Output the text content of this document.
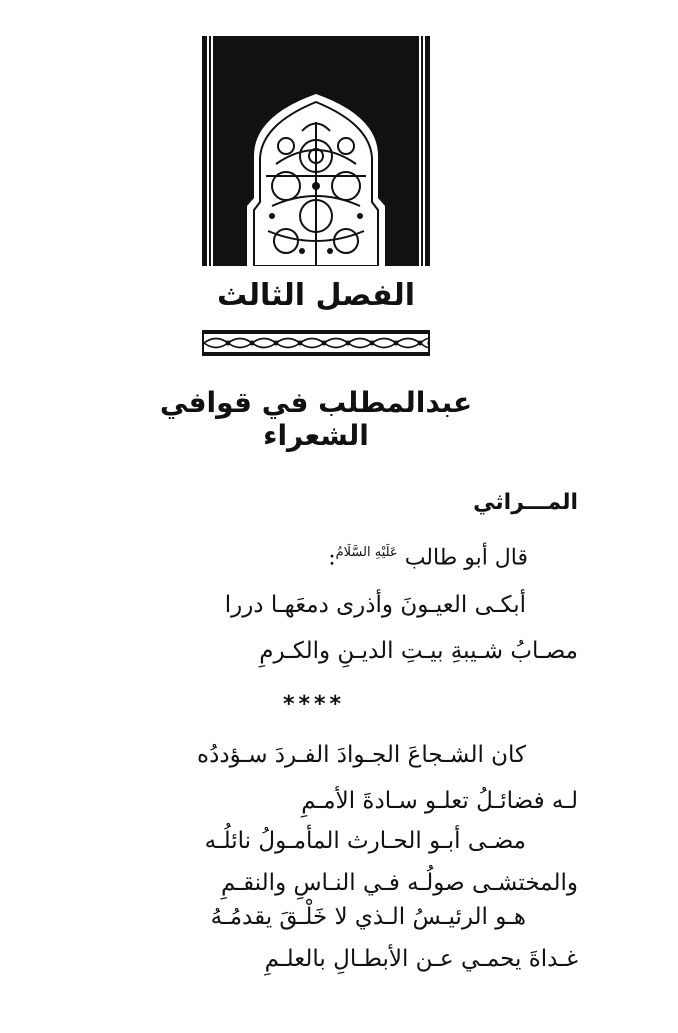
الفصل الثالث
عبدالمطلب في قوافي الشعراء
المـــراثي
قال أبو طالب $^{عَلَيْهِ السَّلَامُ}$:
أبكـى العيـونَ وأذرى دمعَهـا دررا
مصـابُ شـيبةِ بيـتِ الديـنِ والكـرمِ
****
كان الشـجاعَ الجـوادَ الفـردَ سـؤددُه
لـه فضائـلُ تعلـو سـادةَ الأمـمِ
مضـى أبـو الحـارث المأمـولُ نائلُـه
والمختشـى صولُـه فـي النـاسِ والنقـمِ
هـو الرئيـسُ الـذي لا خَلْـقَ يقدمُـهُ
غـداةَ يحمـي عـن الأبطـالِ بالعلـمِ
